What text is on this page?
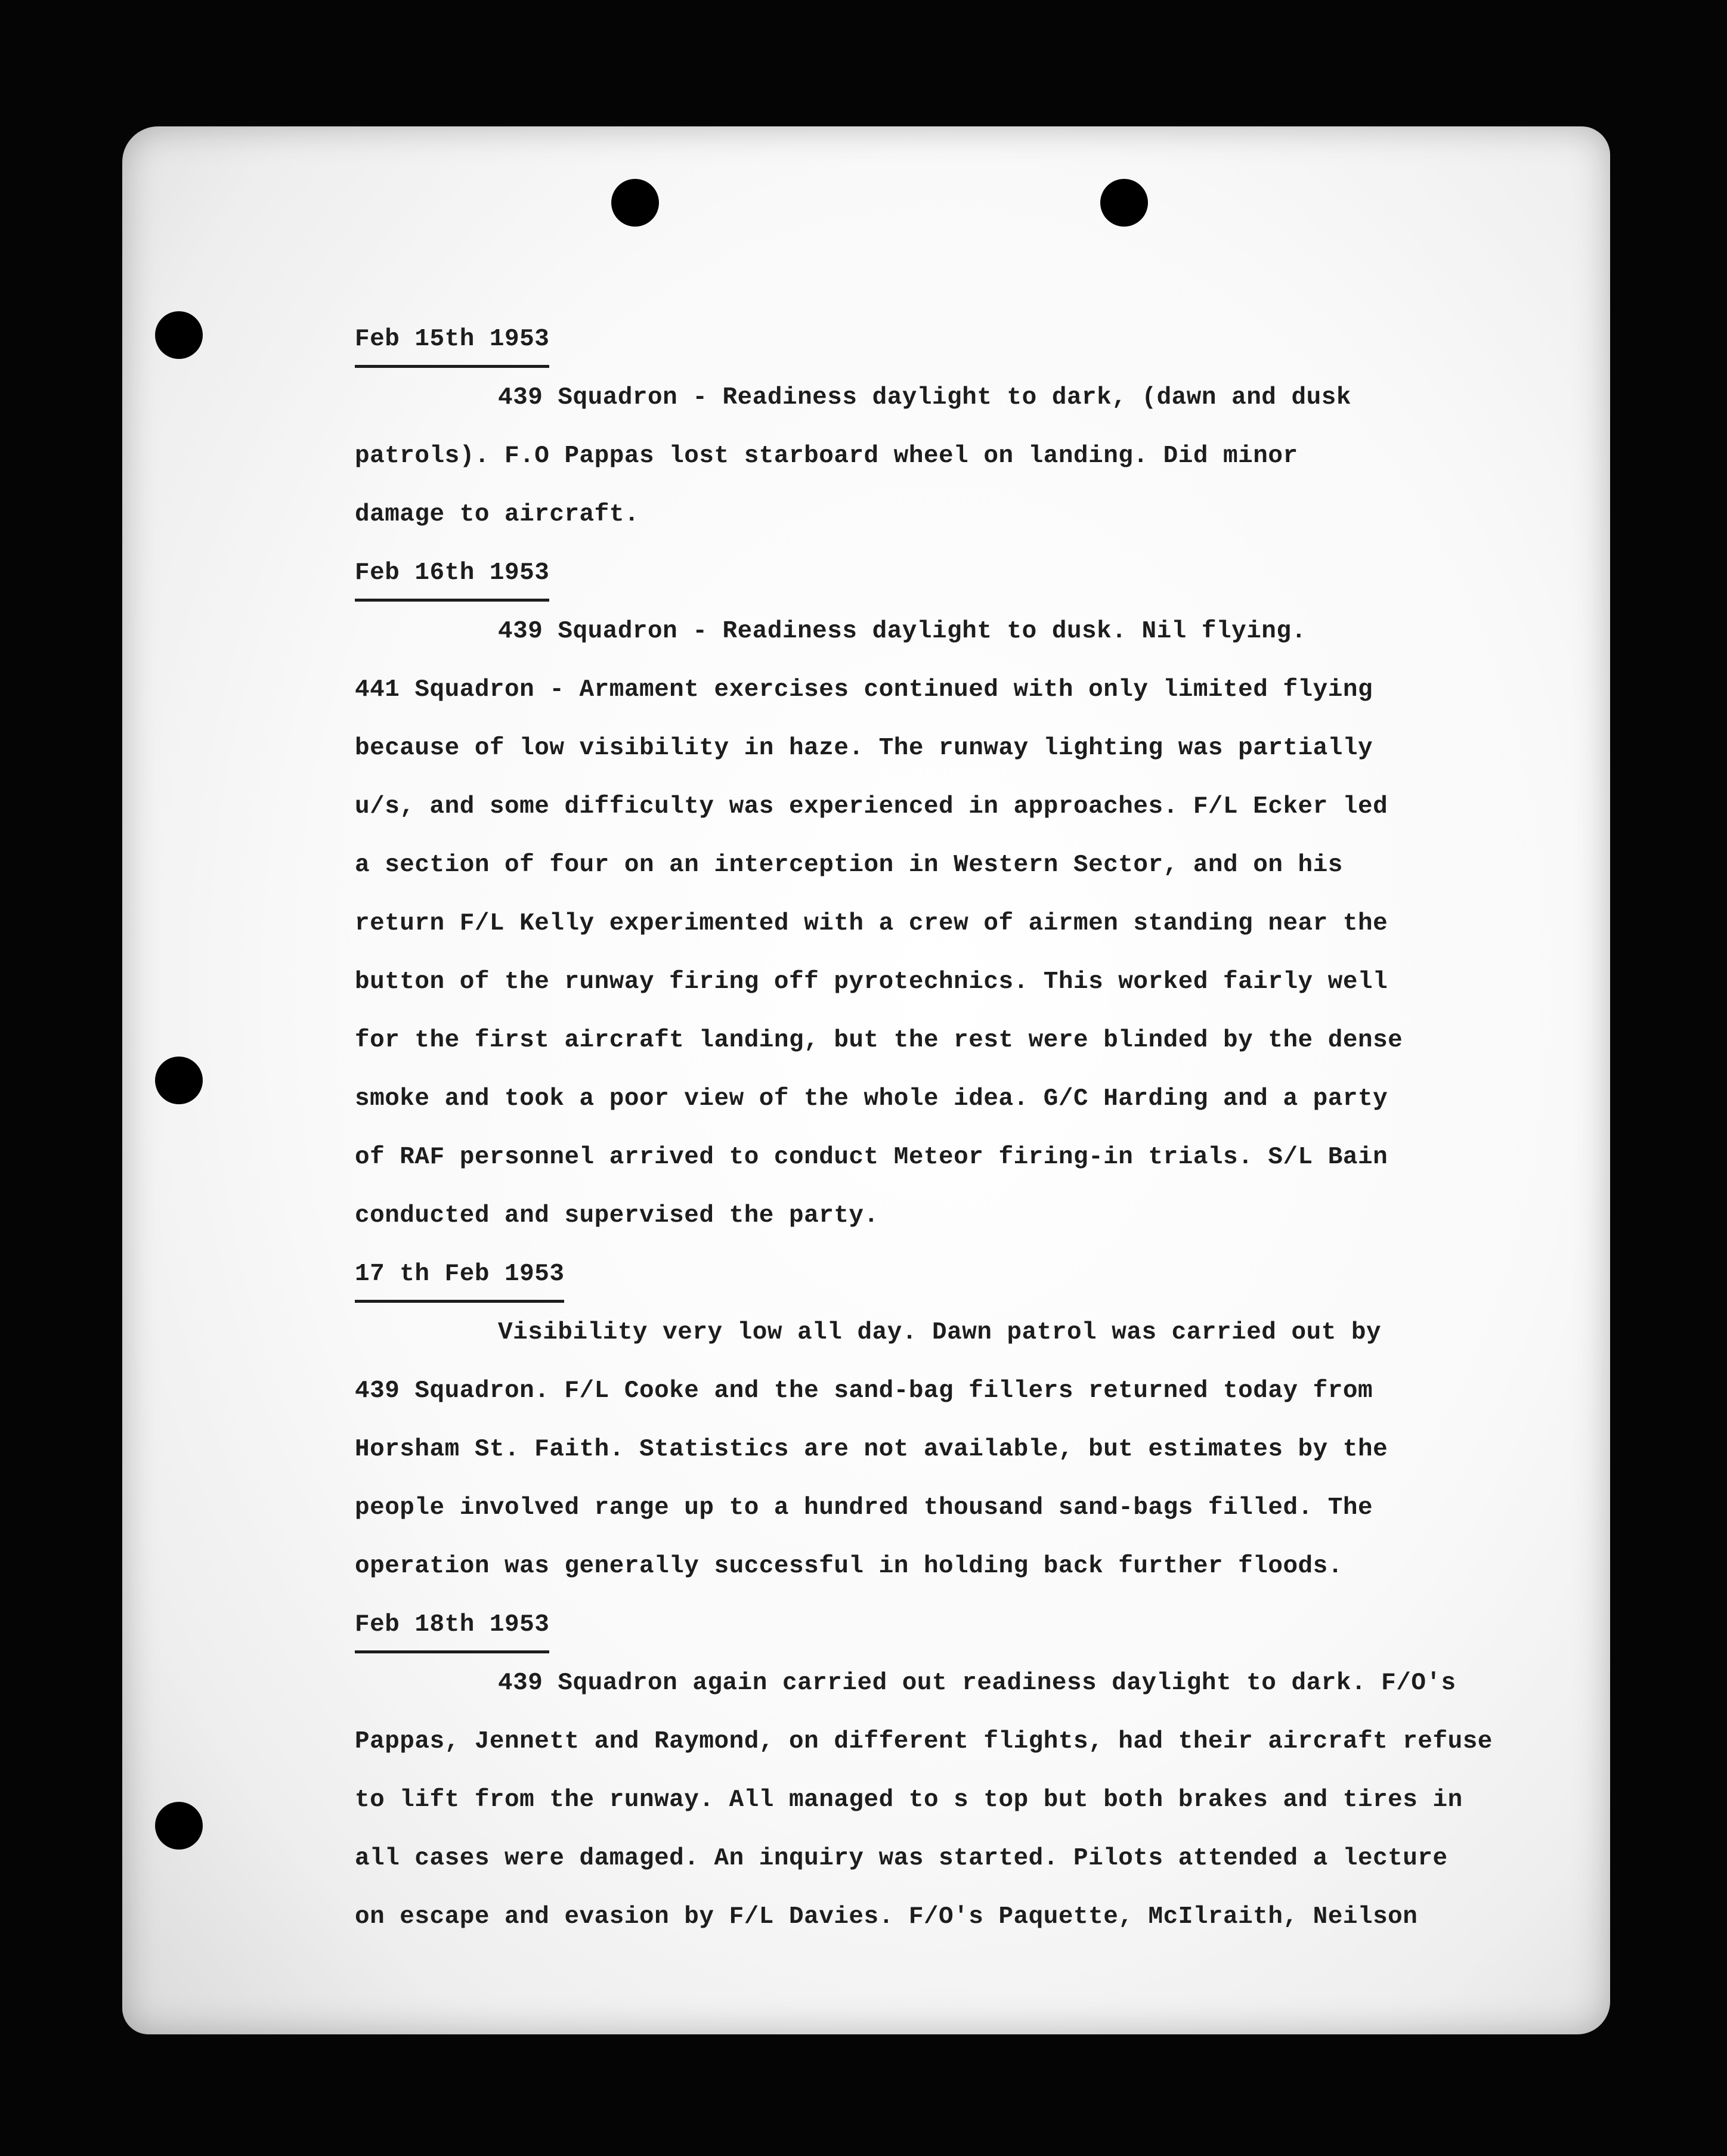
Feb 15th 1953
439 Squadron - Readiness daylight to dark, (dawn and dusk
patrols). F.O Pappas lost starboard wheel on landing. Did minor
damage to aircraft.
Feb 16th 1953
439 Squadron - Readiness daylight to dusk. Nil flying.
441 Squadron - Armament exercises continued with only limited flying
because of low visibility in haze. The runway lighting was partially
u/s, and some difficulty was experienced in approaches. F/L Ecker led
a section of four on an interception in Western Sector, and on his
return F/L Kelly experimented with a crew of airmen standing near the
button of the runway firing off pyrotechnics. This worked fairly well
for the first aircraft landing, but the rest were blinded by the dense
smoke and took a poor view of the whole idea. G/C Harding and a party
of RAF personnel arrived to conduct Meteor firing-in trials. S/L Bain
conducted and supervised the party.
17 th Feb 1953
Visibility very low all day. Dawn patrol was carried out by
439 Squadron. F/L Cooke and the sand-bag fillers returned today from
Horsham St. Faith. Statistics are not available, but estimates by the
people involved range up to a hundred thousand sand-bags filled. The
operation was generally successful in holding back further floods.
Feb 18th 1953
439 Squadron again carried out readiness daylight to dark. F/O's
Pappas, Jennett and Raymond, on different flights, had their aircraft refuse
to lift from the runway. All managed to s top but both brakes and tires in
all cases were damaged. An inquiry was started. Pilots attended a lecture
on escape and evasion by F/L Davies. F/O's Paquette, McIlraith, Neilson
